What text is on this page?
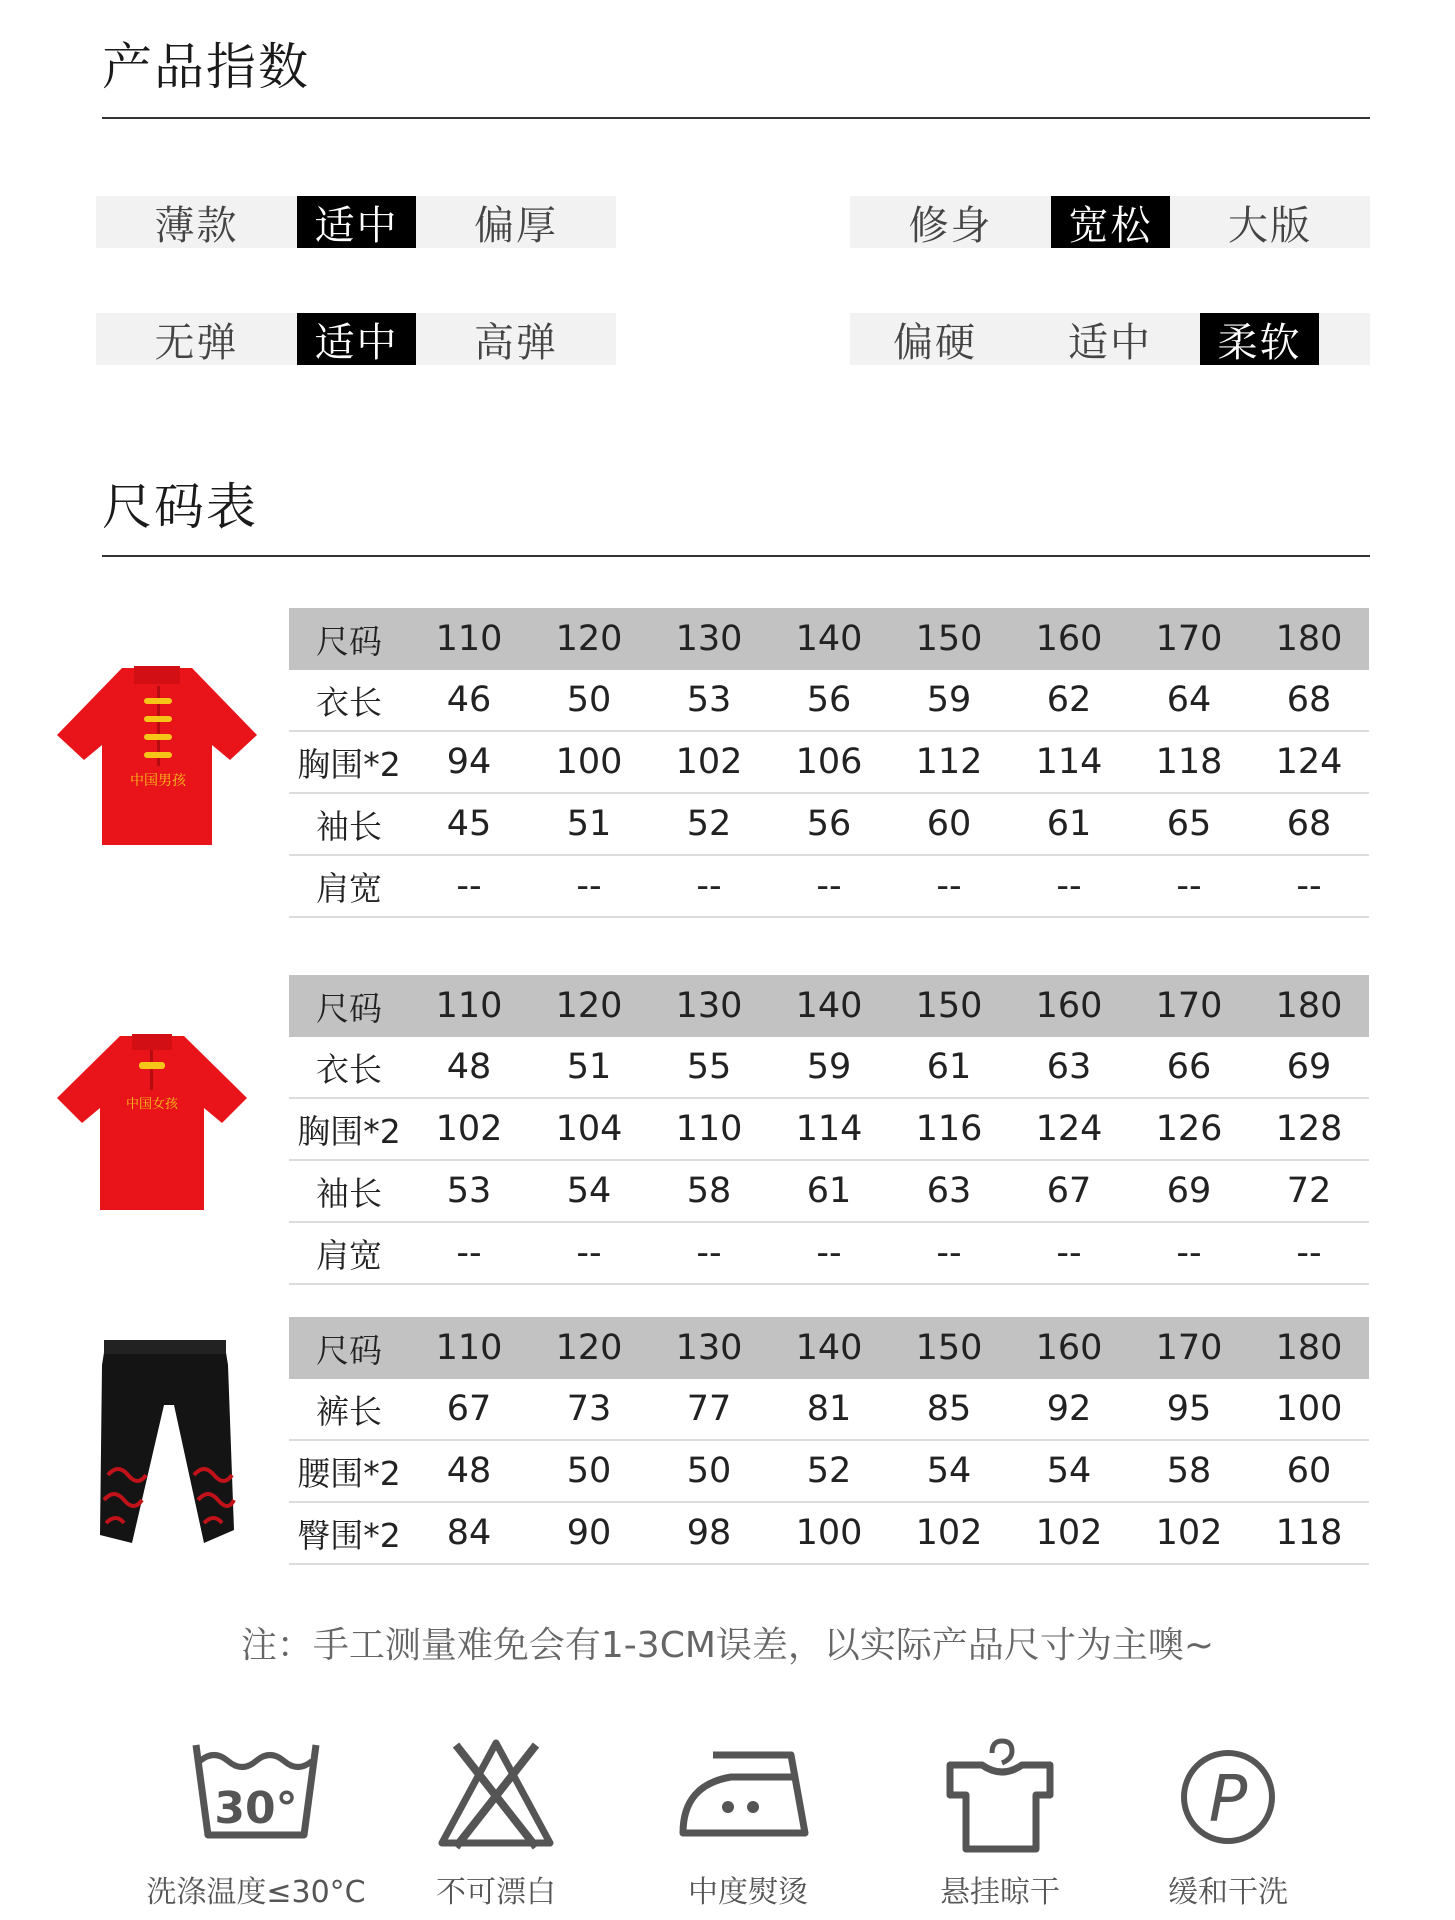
产品指数
薄款	适中	偏厚	修身	宽松	大版
无弹	适中	高弹	偏硬	适中	柔软
尺码表
中国男孩
尺码	110	120	130	140	150	160	170	180
衣长	46	50	53	56	59	62	64	68
胸围*2	94	100	102	106	112	114	118	124
袖长	45	51	52	56	60	61	65	68
肩宽	--	--	--	--	--	--	--	--
中国女孩
尺码	110	120	130	140	150	160	170	180
衣长	48	51	55	59	61	63	66	69
胸围*2 102	104	110	114	116	124	126	128
袖长	53	54	58	61	63	67	69	72
肩宽	--	--	--	--	--	--	--	--
尺码	110	120	130	140	150	160	170	180
裤长	67	73	77	81	85	92	95	100
腰围*2	48	50	50	52	54	54	58	60
臀围*2	84	90	98	100	102	102	102	118
注：手工测量难免会有1-3CM误差，以实际产品尺寸为主噢~
30°
洗涤温度≤30°C	不可漂白	中度熨烫	悬挂晾干
P
缓和干洗
